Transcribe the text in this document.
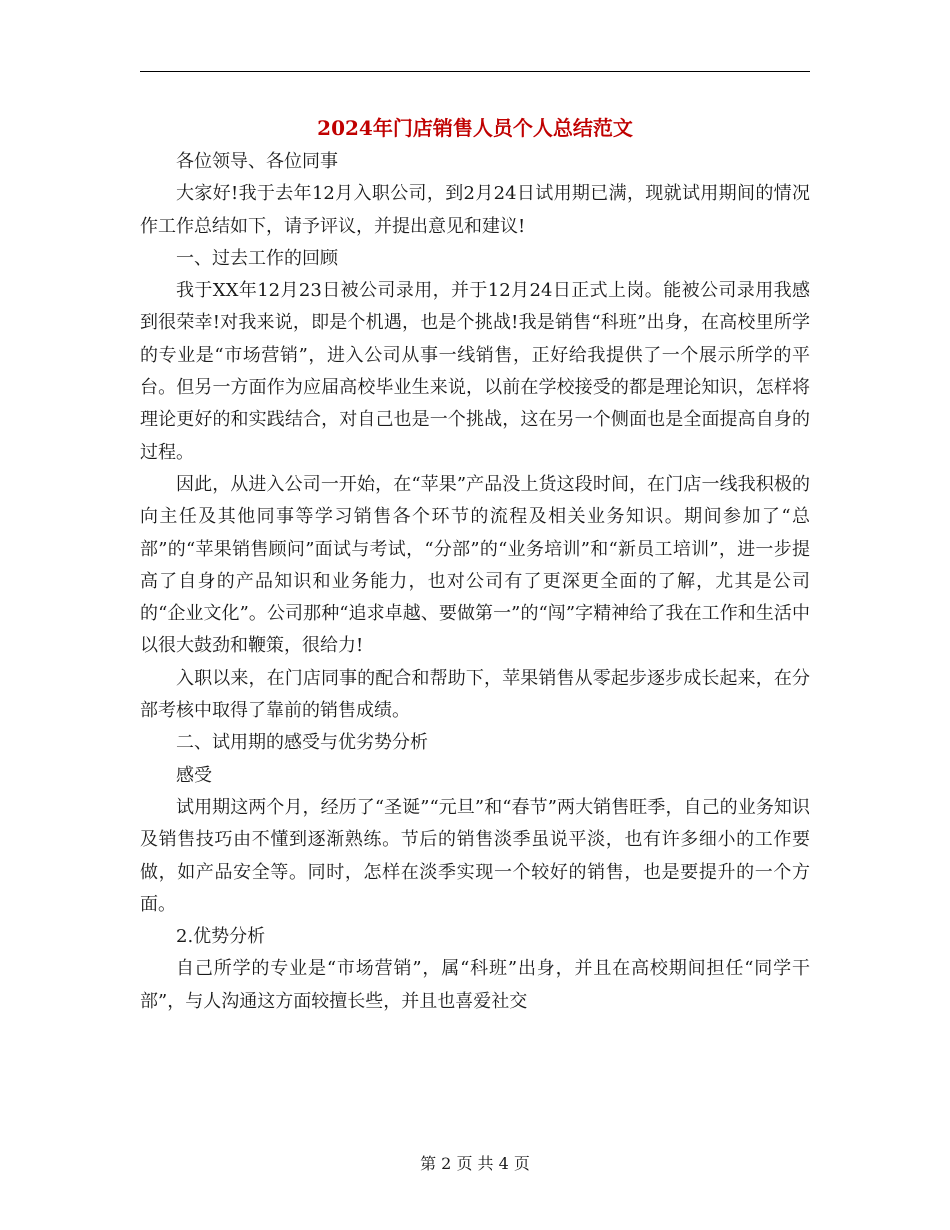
2024年门店销售人员个人总结范文

各位领导、各位同事

大家好!我于去年12月入职公司，到2月24日试用期已满，现就试用期间的情况作工作总结如下，请予评议，并提出意见和建议!

一、过去工作的回顾

我于XX年12月23日被公司录用，并于12月24日正式上岗。能被公司录用我感到很荣幸!对我来说，即是个机遇，也是个挑战!我是销售“科班”出身，在高校里所学的专业是“市场营销”，进入公司从事一线销售，正好给我提供了一个展示所学的平台。但另一方面作为应届高校毕业生来说，以前在学校接受的都是理论知识，怎样将理论更好的和实践结合，对自己也是一个挑战，这在另一个侧面也是全面提高自身的过程。

因此，从进入公司一开始，在“苹果”产品没上货这段时间，在门店一线我积极的向主任及其他同事等学习销售各个环节的流程及相关业务知识。期间参加了“总部”的“苹果销售顾问”面试与考试，“分部”的“业务培训”和“新员工培训”，进一步提高了自身的产品知识和业务能力，也对公司有了更深更全面的了解，尤其是公司的“企业文化”。公司那种“追求卓越、要做第一”的“闯”字精神给了我在工作和生活中以很大鼓劲和鞭策，很给力!

入职以来，在门店同事的配合和帮助下，苹果销售从零起步逐步成长起来，在分部考核中取得了靠前的销售成绩。

二、试用期的感受与优劣势分析

感受

试用期这两个月，经历了“圣诞”“元旦”和“春节”两大销售旺季，自己的业务知识及销售技巧由不懂到逐渐熟练。节后的销售淡季虽说平淡，也有许多细小的工作要做，如产品安全等。同时，怎样在淡季实现一个较好的销售，也是要提升的一个方面。

2.优势分析

自己所学的专业是“市场营销”，属“科班”出身，并且在高校期间担任“同学干部”，与人沟通这方面较擅长些，并且也喜爱社交

第 2 页 共 4 页
